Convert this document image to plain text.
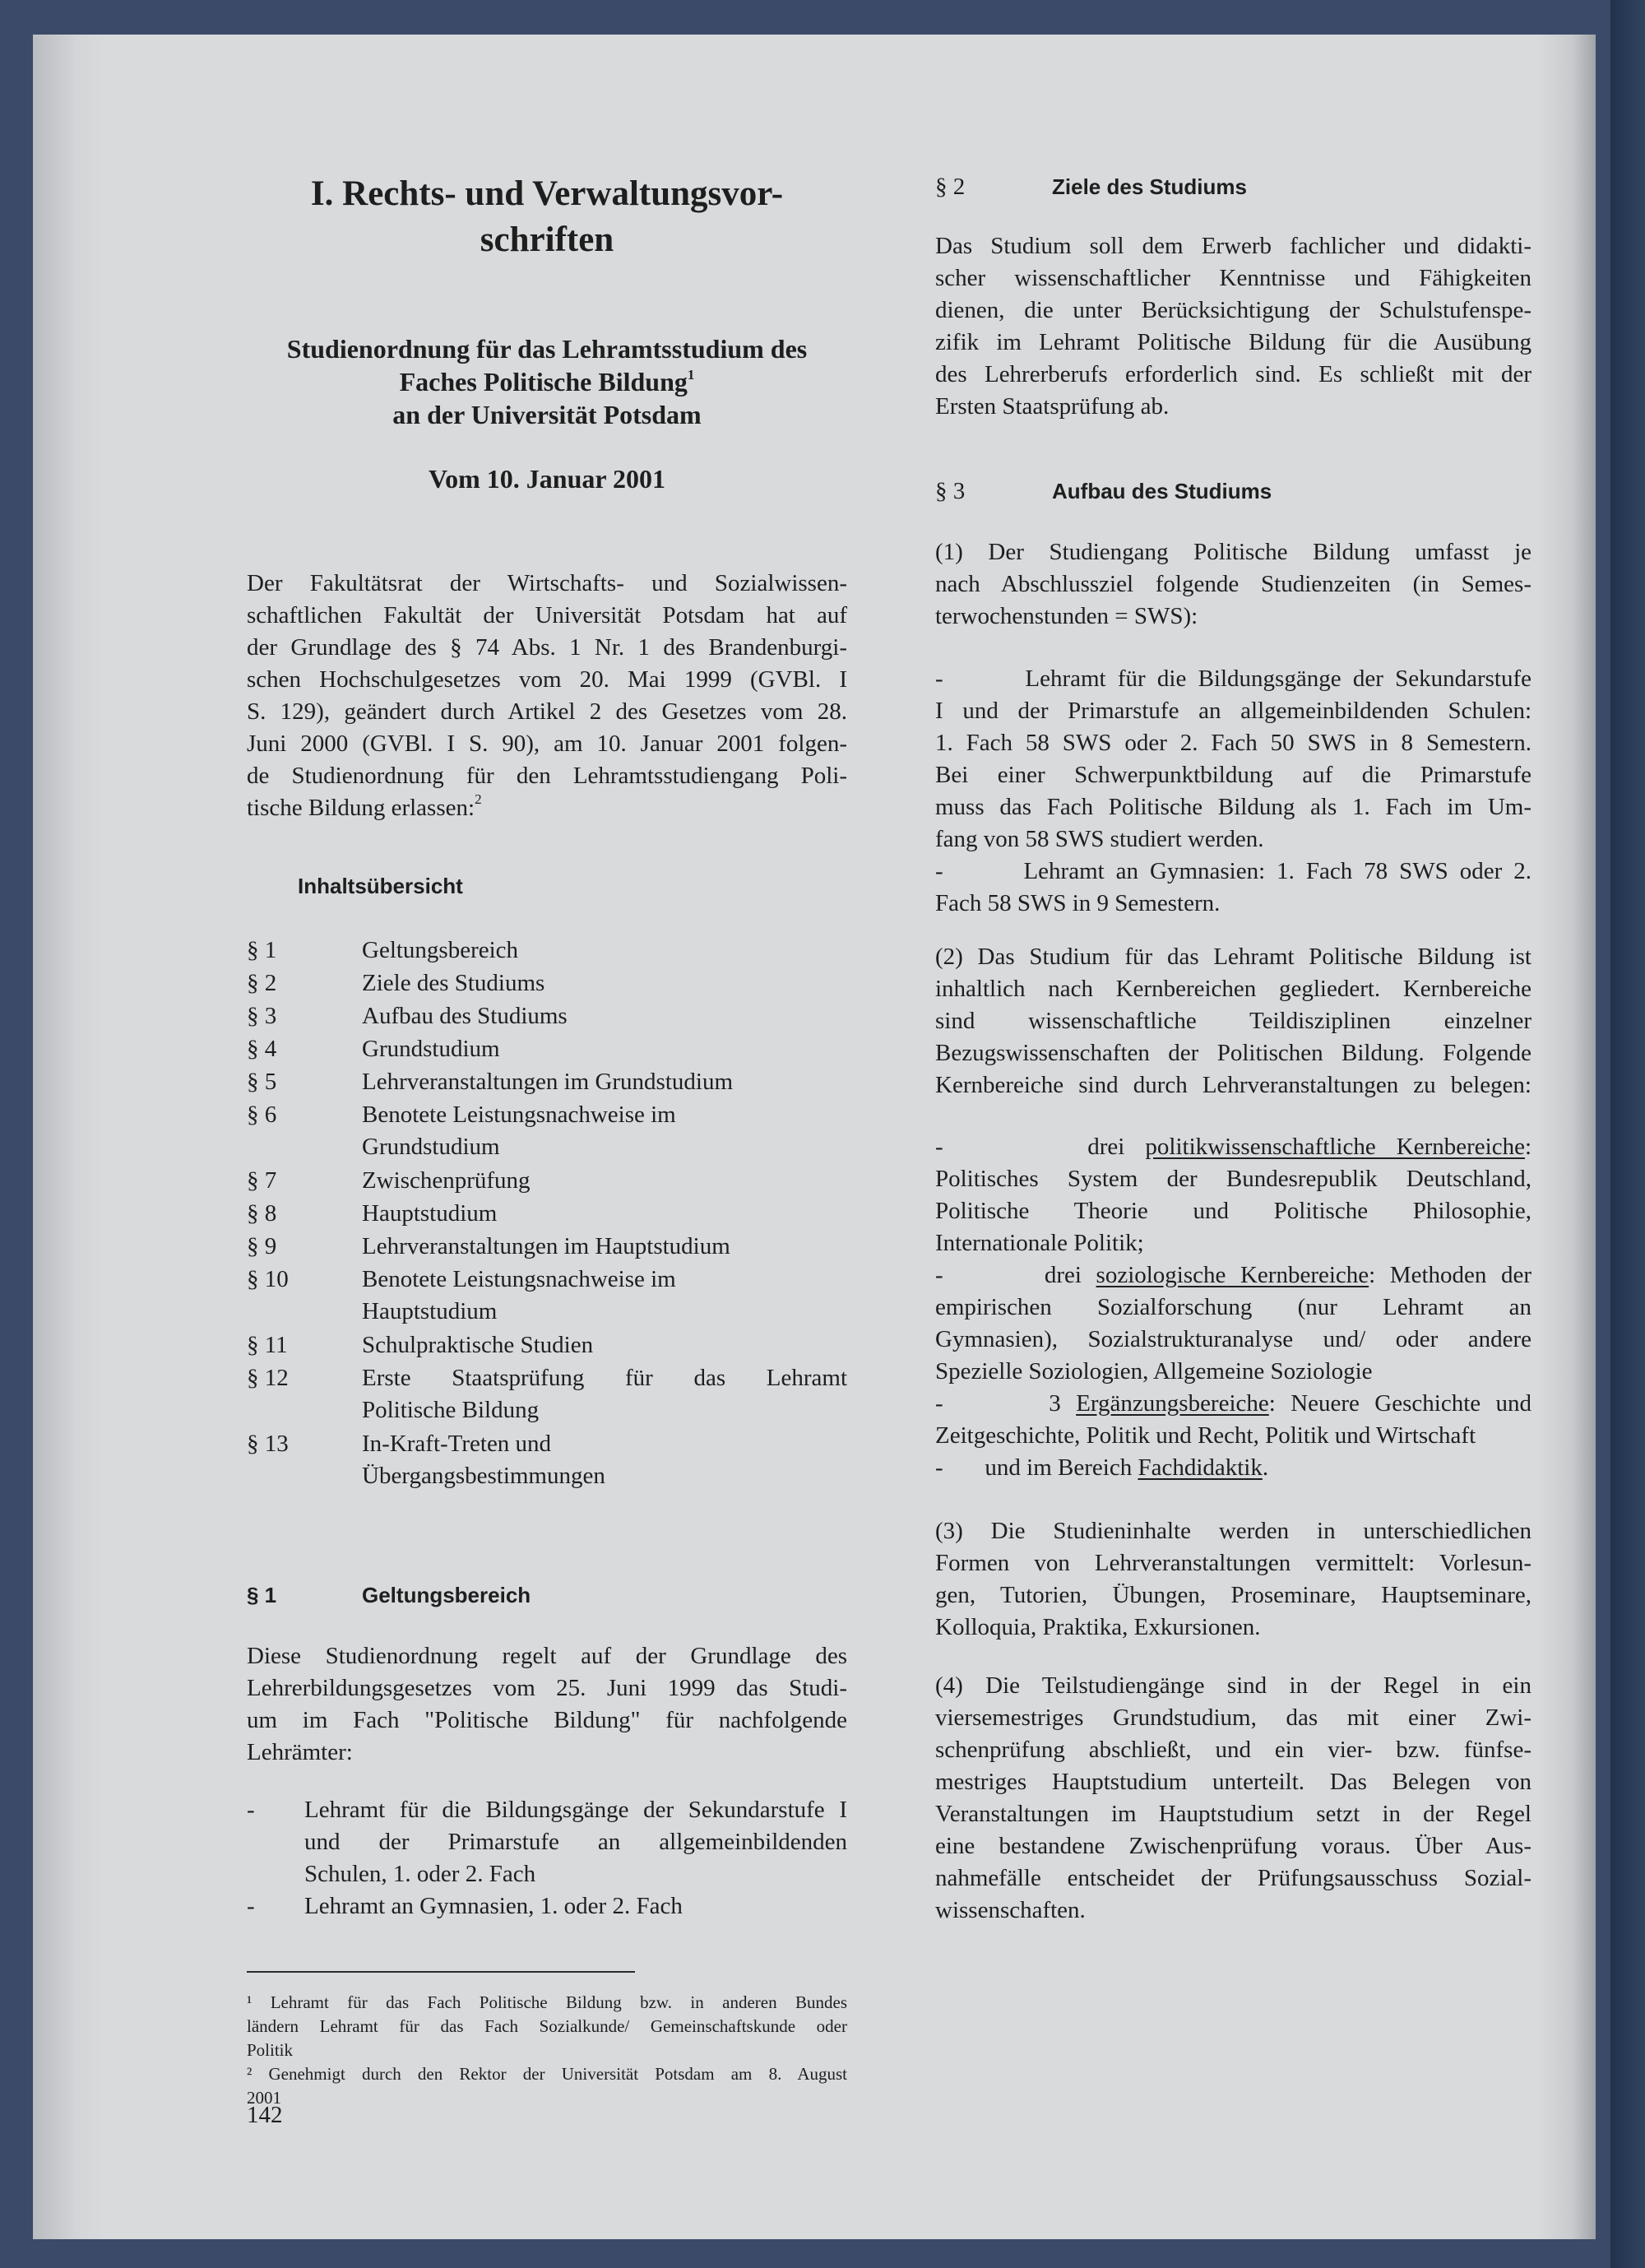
I. Rechts- und Verwaltungsvor-
schriften
Studienordnung für das Lehramtsstudium des
Faches Politische Bildung$^1$
an der Universität Potsdam
Vom 10. Januar 2001
Der Fakultätsrat der Wirtschafts- und Sozialwissen-
schaftlichen Fakultät der Universität Potsdam hat auf
der Grundlage des § 74 Abs. 1 Nr. 1 des Brandenburgi-
schen Hochschulgesetzes vom 20. Mai 1999 (GVBl. I
S. 129), geändert durch Artikel 2 des Gesetzes vom 28.
Juni 2000 (GVBl. I S. 90), am 10. Januar 2001 folgen-
de Studienordnung für den Lehramtsstudiengang Poli-
tische Bildung erlassen:$^2$
Inhaltsübersicht
§ 1	Geltungsbereich
§ 2	Ziele des Studiums
§ 3	Aufbau des Studiums
§ 4	Grundstudium
§ 5	Lehrveranstaltungen im Grundstudium
§ 6	Benotete Leistungsnachweise im
Grundstudium
§ 7	Zwischenprüfung
§ 8	Hauptstudium
§ 9	Lehrveranstaltungen im Hauptstudium
§ 10	Benotete Leistungsnachweise im
Hauptstudium
§ 11	Schulpraktische Studien
§ 12	Erste Staatsprüfung für das Lehramt
Politische Bildung
§ 13	In-Kraft-Treten und
Übergangsbestimmungen
§ 1	Geltungsbereich
Diese Studienordnung regelt auf der Grundlage des
Lehrerbildungsgesetzes vom 25. Juni 1999 das Studi-
um im Fach "Politische Bildung" für nachfolgende
Lehrämter:
- Lehramt für die Bildungsgänge der Sekundarstufe I
und der Primarstufe an allgemeinbildenden
Schulen, 1. oder 2. Fach
- Lehramt an Gymnasien, 1. oder 2. Fach
¹ Lehramt für das Fach Politische Bildung bzw. in anderen Bundes
ländern Lehramt für das Fach Sozialkunde/ Gemeinschaftskunde oder
Politik
² Genehmigt durch den Rektor der Universität Potsdam am 8. August
2001
142
§ 2	Ziele des Studiums
Das Studium soll dem Erwerb fachlicher und didakti-
scher wissenschaftlicher Kenntnisse und Fähigkeiten
dienen, die unter Berücksichtigung der Schulstufenspe-
zifik im Lehramt Politische Bildung für die Ausübung
des Lehrerberufs erforderlich sind. Es schließt mit der
Ersten Staatsprüfung ab.
§ 3	Aufbau des Studiums
(1) Der Studiengang Politische Bildung umfasst je
nach Abschlussziel folgende Studienzeiten (in Semes-
terwochenstunden = SWS):
-       Lehramt für die Bildungsgänge der Sekundarstufe
I und der Primarstufe an allgemeinbildenden Schulen:
1. Fach 58 SWS oder 2. Fach 50 SWS in 8 Semestern.
Bei einer Schwerpunktbildung auf die Primarstufe
muss das Fach Politische Bildung als 1. Fach im Um-
fang von 58 SWS studiert werden.
-       Lehramt an Gymnasien: 1. Fach 78 SWS oder 2.
Fach 58 SWS in 9 Semestern.
(2) Das Studium für das Lehramt Politische Bildung ist
inhaltlich nach Kernbereichen gegliedert. Kernbereiche
sind wissenschaftliche Teildisziplinen einzelner
Bezugswissenschaften der Politischen Bildung. Folgende
Kernbereiche sind durch Lehrveranstaltungen zu belegen:
-       drei politikwissenschaftliche Kernbereiche:
Politisches System der Bundesrepublik Deutschland,
Politische Theorie und Politische Philosophie,
Internationale Politik;
-       drei soziologische Kernbereiche: Methoden der
empirischen Sozialforschung (nur Lehramt an
Gymnasien), Sozialstrukturanalyse und/ oder andere
Spezielle Soziologien, Allgemeine Soziologie
-       3 Ergänzungsbereiche: Neuere Geschichte und
Zeitgeschichte, Politik und Recht, Politik und Wirtschaft
-       und im Bereich Fachdidaktik.
(3) Die Studieninhalte werden in unterschiedlichen
Formen von Lehrveranstaltungen vermittelt: Vorlesun-
gen, Tutorien, Übungen, Proseminare, Hauptseminare,
Kolloquia, Praktika, Exkursionen.
(4) Die Teilstudiengänge sind in der Regel in ein
viersemestriges Grundstudium, das mit einer Zwi-
schenprüfung abschließt, und ein vier- bzw. fünfse-
mestriges Hauptstudium unterteilt. Das Belegen von
Veranstaltungen im Hauptstudium setzt in der Regel
eine bestandene Zwischenprüfung voraus. Über Aus-
nahmefälle entscheidet der Prüfungsausschuss Sozial-
wissenschaften.
